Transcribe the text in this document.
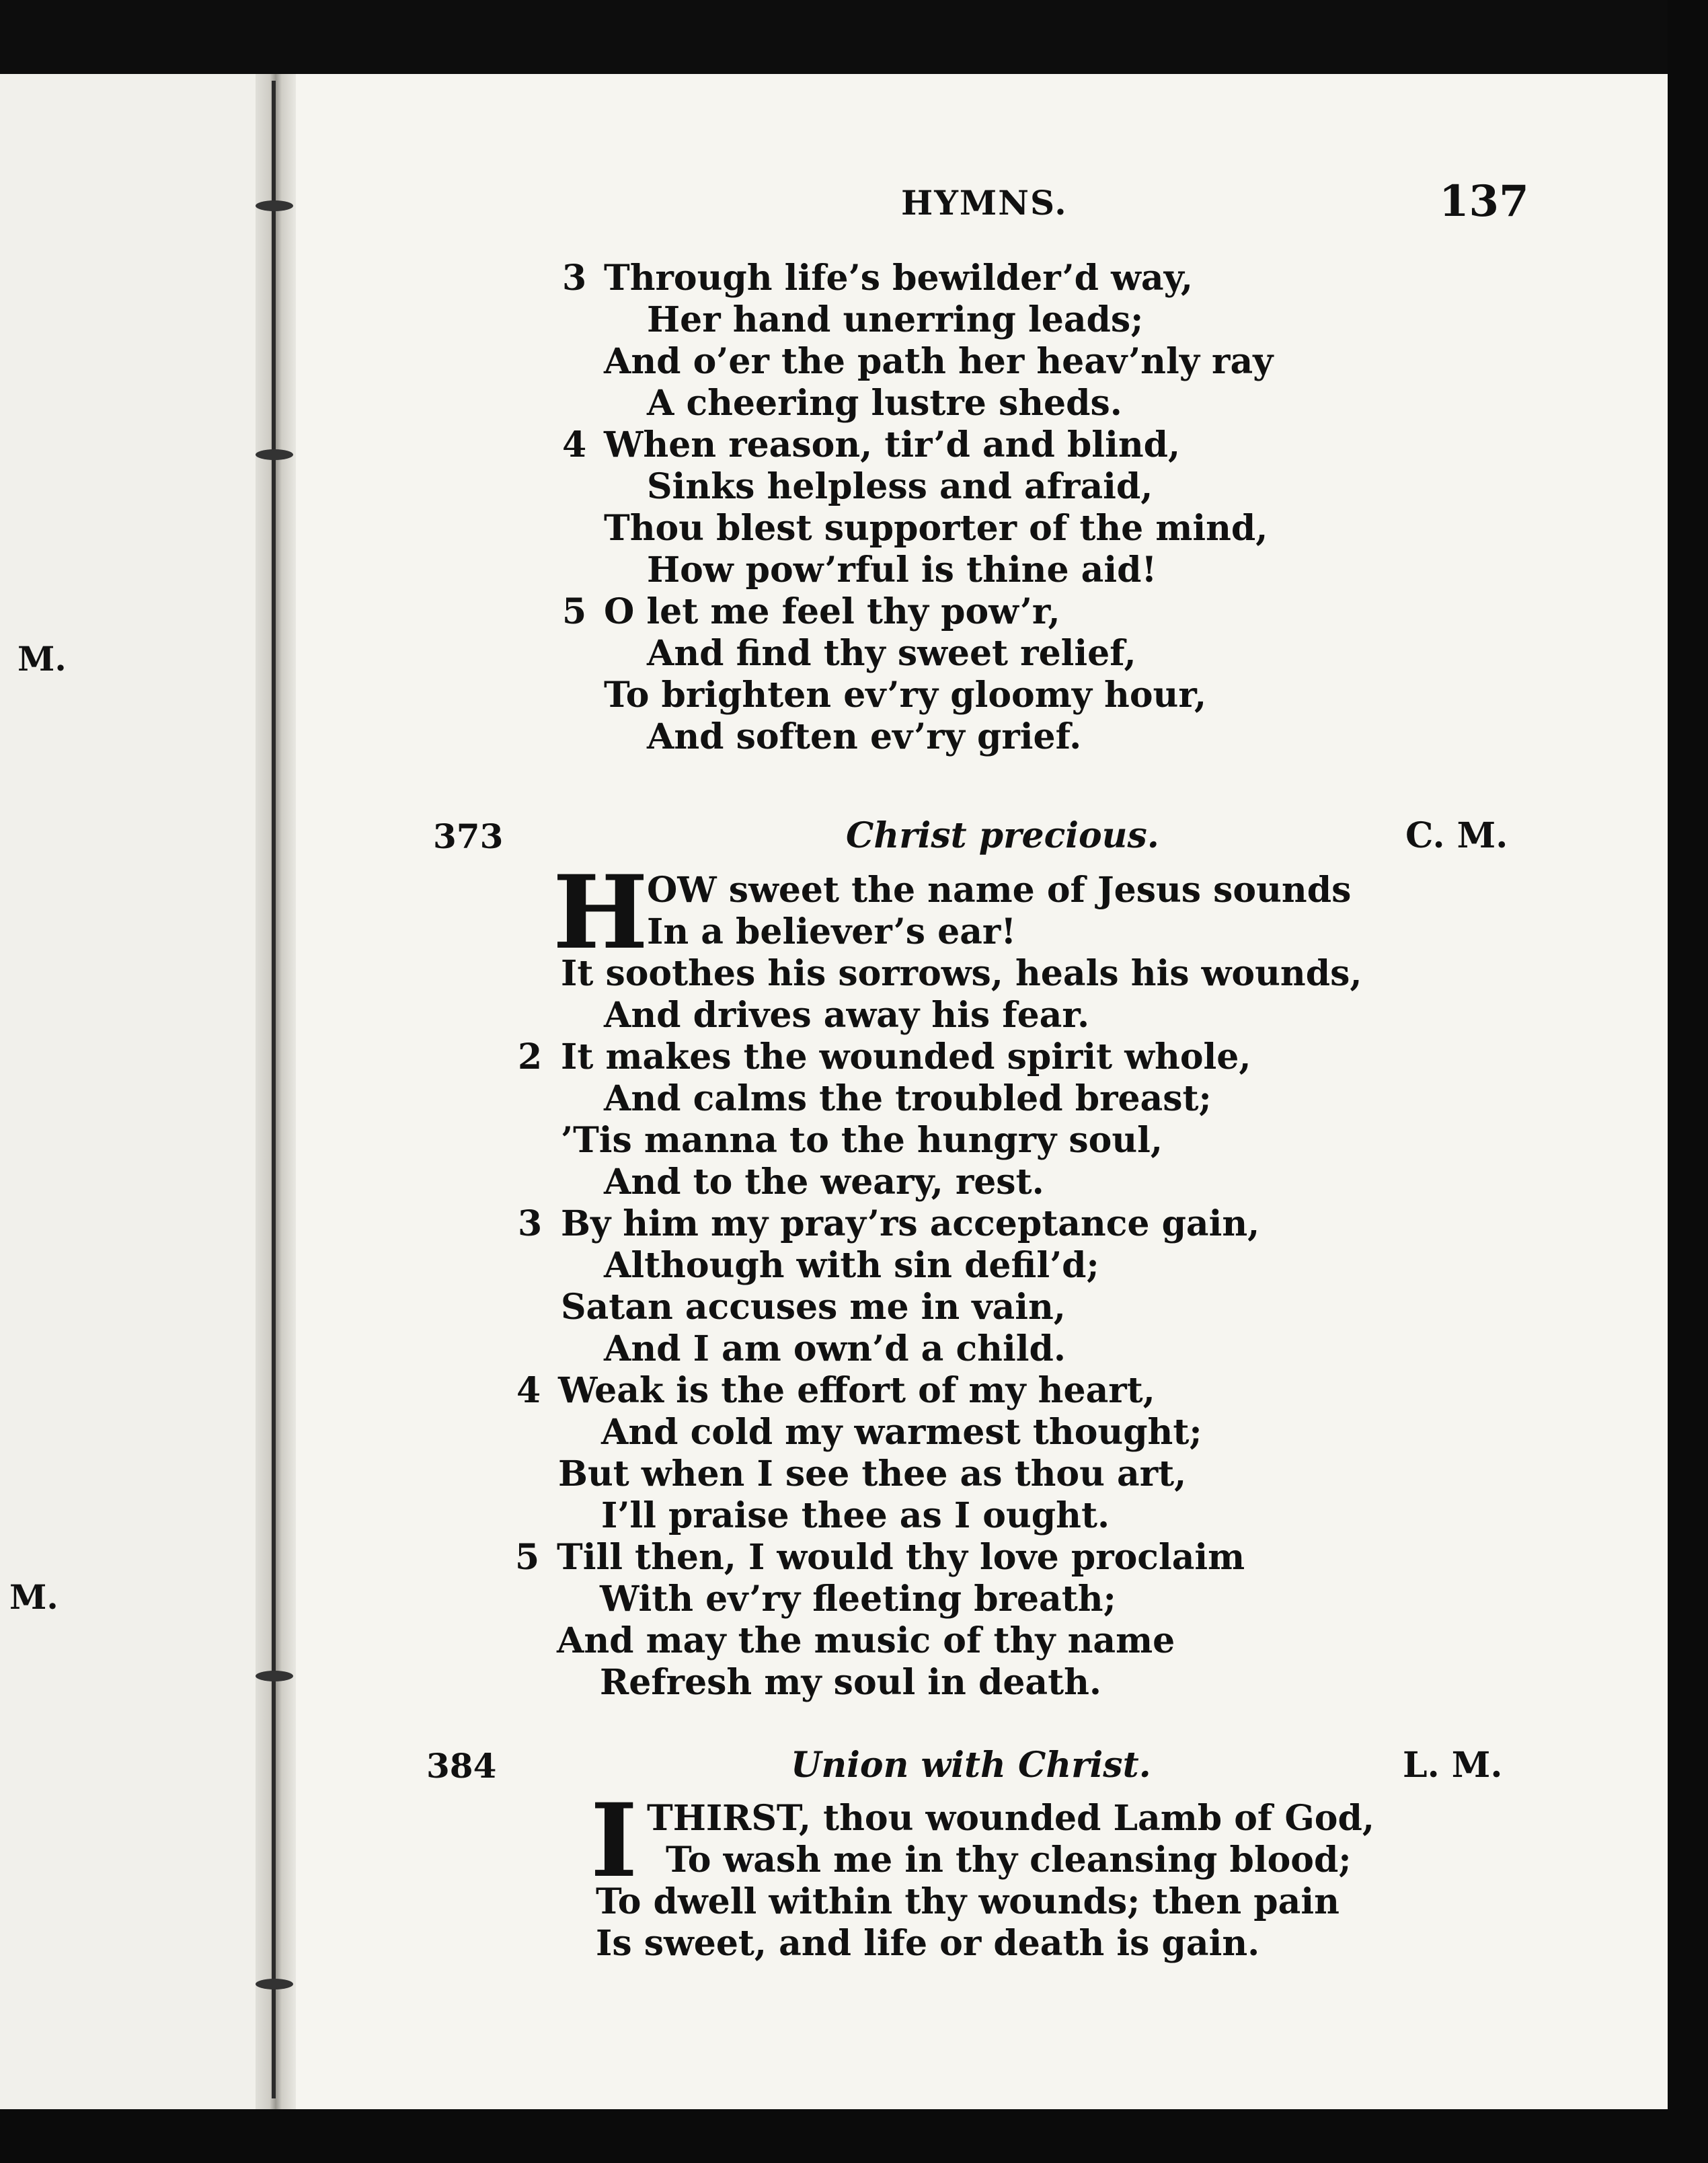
M.
M.
HYMNS.	137
3 Through life’s bewilder’d way,
Her hand unerring leads;
And o’er the path her heav’nly ray
A cheering lustre sheds.
4 When reason, tir’d and blind,
Sinks helpless and afraid,
Thou blest supporter of the mind,
How pow’rful is thine aid!
5 O let me feel thy pow’r,
And find thy sweet relief,
To brighten ev’ry gloomy hour,
And soften ev’ry grief.
373	Christ precious.	C. M.
H
OW sweet the name of Jesus sounds
In a believer’s ear!
It soothes his sorrows, heals his wounds,
And drives away his fear.
2 It makes the wounded spirit whole,
And calms the troubled breast;
’Tis manna to the hungry soul,
And to the weary, rest.
3 By him my pray’rs acceptance gain,
Although with sin defil’d;
Satan accuses me in vain,
And I am own’d a child.
4 Weak is the effort of my heart,
And cold my warmest thought;
But when I see thee as thou art,
I’ll praise thee as I ought.
5 Till then, I would thy love proclaim
With ev’ry fleeting breath;
And may the music of thy name
Refresh my soul in death.
384	Union with Christ.	L. M.
I THIRST, thou wounded Lamb of God,
To wash me in thy cleansing blood;
To dwell within thy wounds; then pain
Is sweet, and life or death is gain.
